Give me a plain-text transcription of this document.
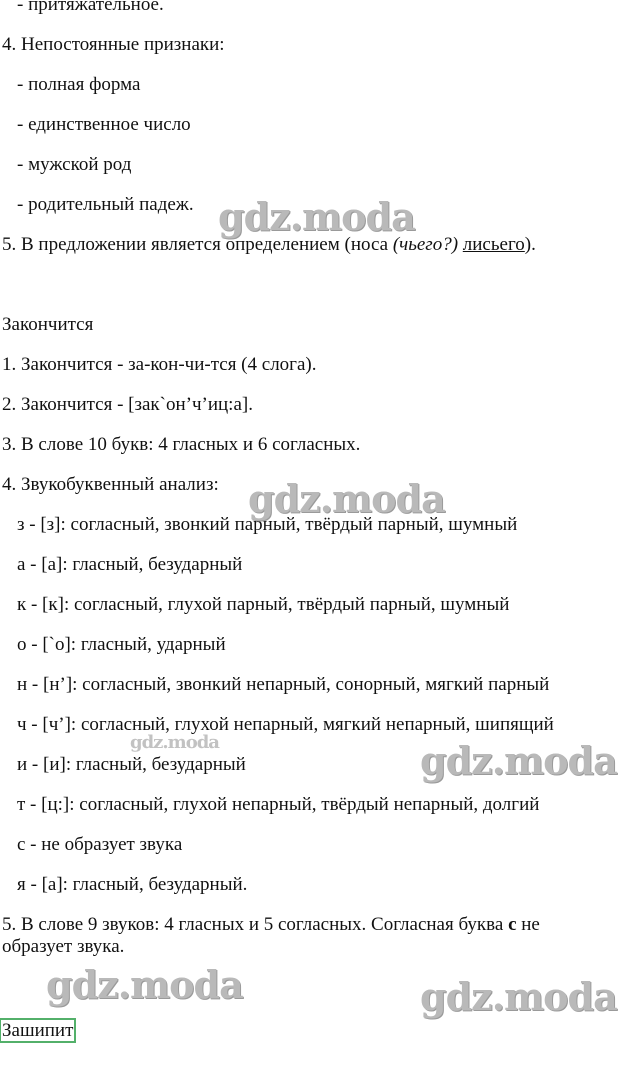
- притяжательное.
4. Непостоянные признаки:
- полная форма
- единственное число
- мужской род
- родительный падеж.
5. В предложении является определением (носа (чьего?) лисьего).
Закончится
1. Закончится - за-кон-чи-тся (4 слога).
2. Закончится - [зак`он’ч’иц:а].
3. В слове 10 букв: 4 гласных и 6 согласных.
4. Звукобуквенный анализ:
з - [з]: согласный, звонкий парный, твёрдый парный, шумный
а - [а]: гласный, безударный
к - [к]: согласный, глухой парный, твёрдый парный, шумный
о - [`о]: гласный, ударный
н - [н’]: согласный, звонкий непарный, сонорный, мягкий парный
ч - [ч’]: согласный, глухой непарный, мягкий непарный, шипящий
и - [и]: гласный, безударный
т - [ц:]: согласный, глухой непарный, твёрдый непарный, долгий
с - не образует звука
я - [а]: гласный, безударный.
5. В слове 9 звуков: 4 гласных и 5 согласных. Согласная буква с не
образует звука.
Зашипит
gdz.moda
gdz.moda
gdz.moda	gdz.moda
gdz.moda	gdz.moda
